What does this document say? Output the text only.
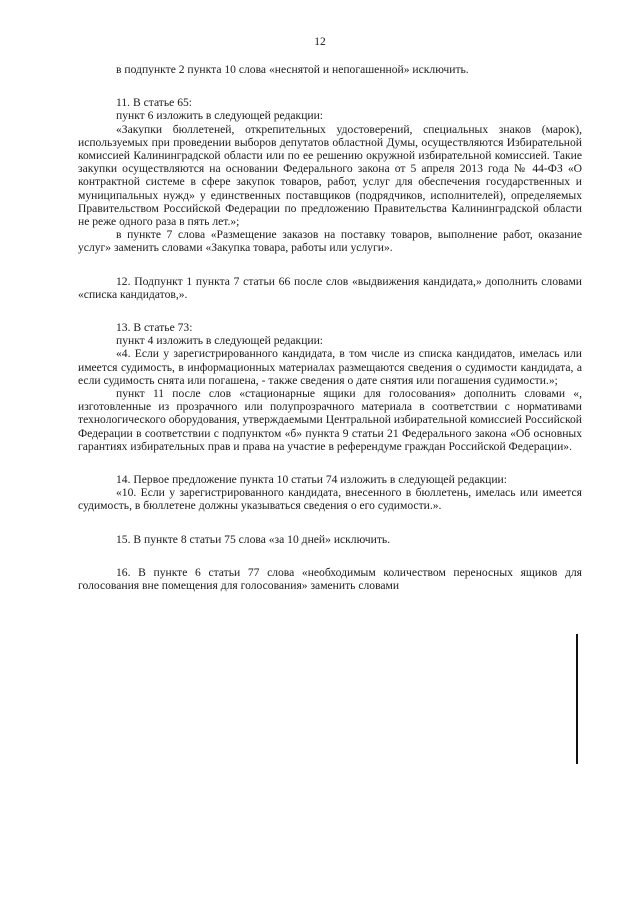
12

в подпункте 2 пункта 10 слова «неснятой и непогашенной» исключить.

11. В статье 65:

пункт 6 изложить в следующей редакции:

«Закупки бюллетеней, открепительных удостоверений, специальных знаков (марок), используемых при проведении выборов депутатов областной Думы, осуществляются Избирательной комиссией Калининградской области или по ее решению окружной избирательной комиссией. Такие закупки осуществляются на основании Федерального закона от 5 апреля 2013 года № 44-ФЗ «О контрактной системе в сфере закупок товаров, работ, услуг для обеспечения государственных и муниципальных нужд» у единственных поставщиков (подрядчиков, исполнителей), определяемых Правительством Российской Федерации по предложению Правительства Калининградской области не реже одного раза в пять лет.»;

в пункте 7 слова «Размещение заказов на поставку товаров, выполнение работ, оказание услуг» заменить словами «Закупка товара, работы или услуги».

12. Подпункт 1 пункта 7 статьи 66 после слов «выдвижения кандидата,» дополнить словами «списка кандидатов,».

13. В статье 73:

пункт 4 изложить в следующей редакции:

«4. Если у зарегистрированного кандидата, в том числе из списка кандидатов, имелась или имеется судимость, в информационных материалах размещаются сведения о судимости кандидата, а если судимость снята или погашена, - также сведения о дате снятия или погашения судимости.»;

пункт 11 после слов «стационарные ящики для голосования» дополнить словами «, изготовленные из прозрачного или полупрозрачного материала в соответствии с нормативами технологического оборудования, утверждаемыми Центральной избирательной комиссией Российской Федерации в соответствии с подпунктом «б» пункта 9 статьи 21 Федерального закона «Об основных гарантиях избирательных прав и права на участие в референдуме граждан Российской Федерации».

14. Первое предложение пункта 10 статьи 74 изложить в следующей редакции:

«10. Если у зарегистрированного кандидата, внесенного в бюллетень, имелась или имеется судимость, в бюллетене должны указываться сведения о его судимости.».

15. В пункте 8 статьи 75 слова «за 10 дней» исключить.

16. В пункте 6 статьи 77 слова «необходимым количеством переносных ящиков для голосования вне помещения для голосования» заменить словами
